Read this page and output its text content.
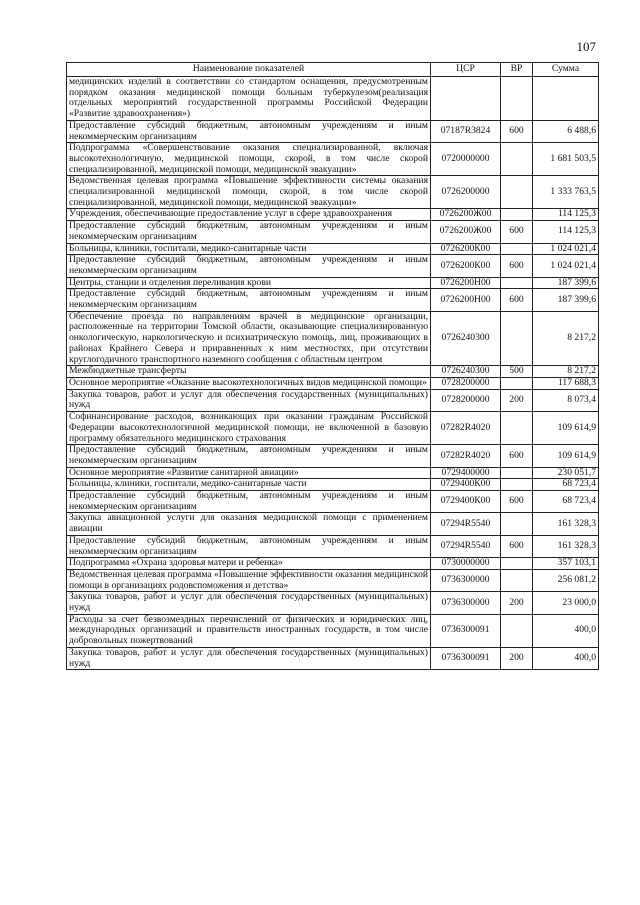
107
Наименование показателей	ЦСР	ВР	Сумма
медицинских изделий в соответствии со стандартом оснащения, предусмотренным порядком оказания медицинской помощи больным туберкулезом(реализация отдельных мероприятий государственной программы Российской Федерации «Развитие здравоохранения»)			
Предоставление субсидий бюджетным, автономным учреждениям и иным некоммерческим организациям	07187R3824	600	6 488,6
Подпрограмма «Совершенствование оказания специализированной, включая высокотехнологичную, медицинской помощи, скорой, в том числе скорой специализированной, медицинской помощи, медицинской эвакуации»	0720000000		1 681 503,5
Ведомственная целевая программа «Повышение эффективности системы оказания специализированной медицинской помощи, скорой, в том числе скорой специализированной, медицинской помощи, медицинской эвакуации»	0726200000		1 333 763,5
Учреждения, обеспечивающие предоставление услуг в сфере здравоохранения	0726200Ж00		114 125,3
Предоставление субсидий бюджетным, автономным учреждениям и иным некоммерческим организациям	0726200Ж00	600	114 125,3
Больницы, клиники, госпитали, медико-санитарные части	0726200К00		1 024 021,4
Предоставление субсидий бюджетным, автономным учреждениям и иным некоммерческим организациям	0726200К00	600	1 024 021,4
Центры, станции и отделения переливания крови	0726200Н00		187 399,6
Предоставление субсидий бюджетным, автономным учреждениям и иным некоммерческим организациям	0726200Н00	600	187 399,6
Обеспечение проезда по направлениям врачей в медицинские организации, расположенные на территории Томской области, оказывающие специализированную онкологическую, наркологическую и психиатрическую помощь, лиц, проживающих в районах Крайнего Севера и приравненных к ним местностях, при отсутствии круглогодичного транспортного наземного сообщения с областным центром	0726240300		8 217,2
Межбюджетные трансферты	0726240300	500	8 217,2
Основное мероприятие «Оказание высокотехнологичных видов медицинской помощи»	0728200000		117 688,3
Закупка товаров, работ и услуг для обеспечения государственных (муниципальных) нужд	0728200000	200	8 073,4
Софинансирование расходов, возникающих при оказании гражданам Российской Федерации высокотехнологичной медицинской помощи, не включенной в базовую программу обязательного медицинского страхования	07282R4020		109 614,9
Предоставление субсидий бюджетным, автономным учреждениям и иным некоммерческим организациям	07282R4020	600	109 614,9
Основное мероприятие «Развитие санитарной авиации»	0729400000		230 051,7
Больницы, клиники, госпитали, медико-санитарные части	0729400К00		68 723,4
Предоставление субсидий бюджетным, автономным учреждениям и иным некоммерческим организациям	0729400К00	600	68 723,4
Закупка авиационной услуги для оказания медицинской помощи с применением авиации	07294R5540		161 328,3
Предоставление субсидий бюджетным, автономным учреждениям и иным некоммерческим организациям	07294R5540	600	161 328,3
Подпрограмма «Охрана здоровья матери и ребенка»	0730000000		357 103,1
Ведомственная целевая программа «Повышение эффективности оказания медицинской помощи в организациях родовспоможения и детства»	0736300000		256 081,2
Закупка товаров, работ и услуг для обеспечения государственных (муниципальных) нужд	0736300000	200	23 000,0
Расходы за счет безвозмездных перечислений от физических и юридических лиц, международных организаций и правительств иностранных государств, в том числе добровольных пожертвований	0736300091		400,0
Закупка товаров, работ и услуг для обеспечения государственных (муниципальных) нужд	0736300091	200	400,0
